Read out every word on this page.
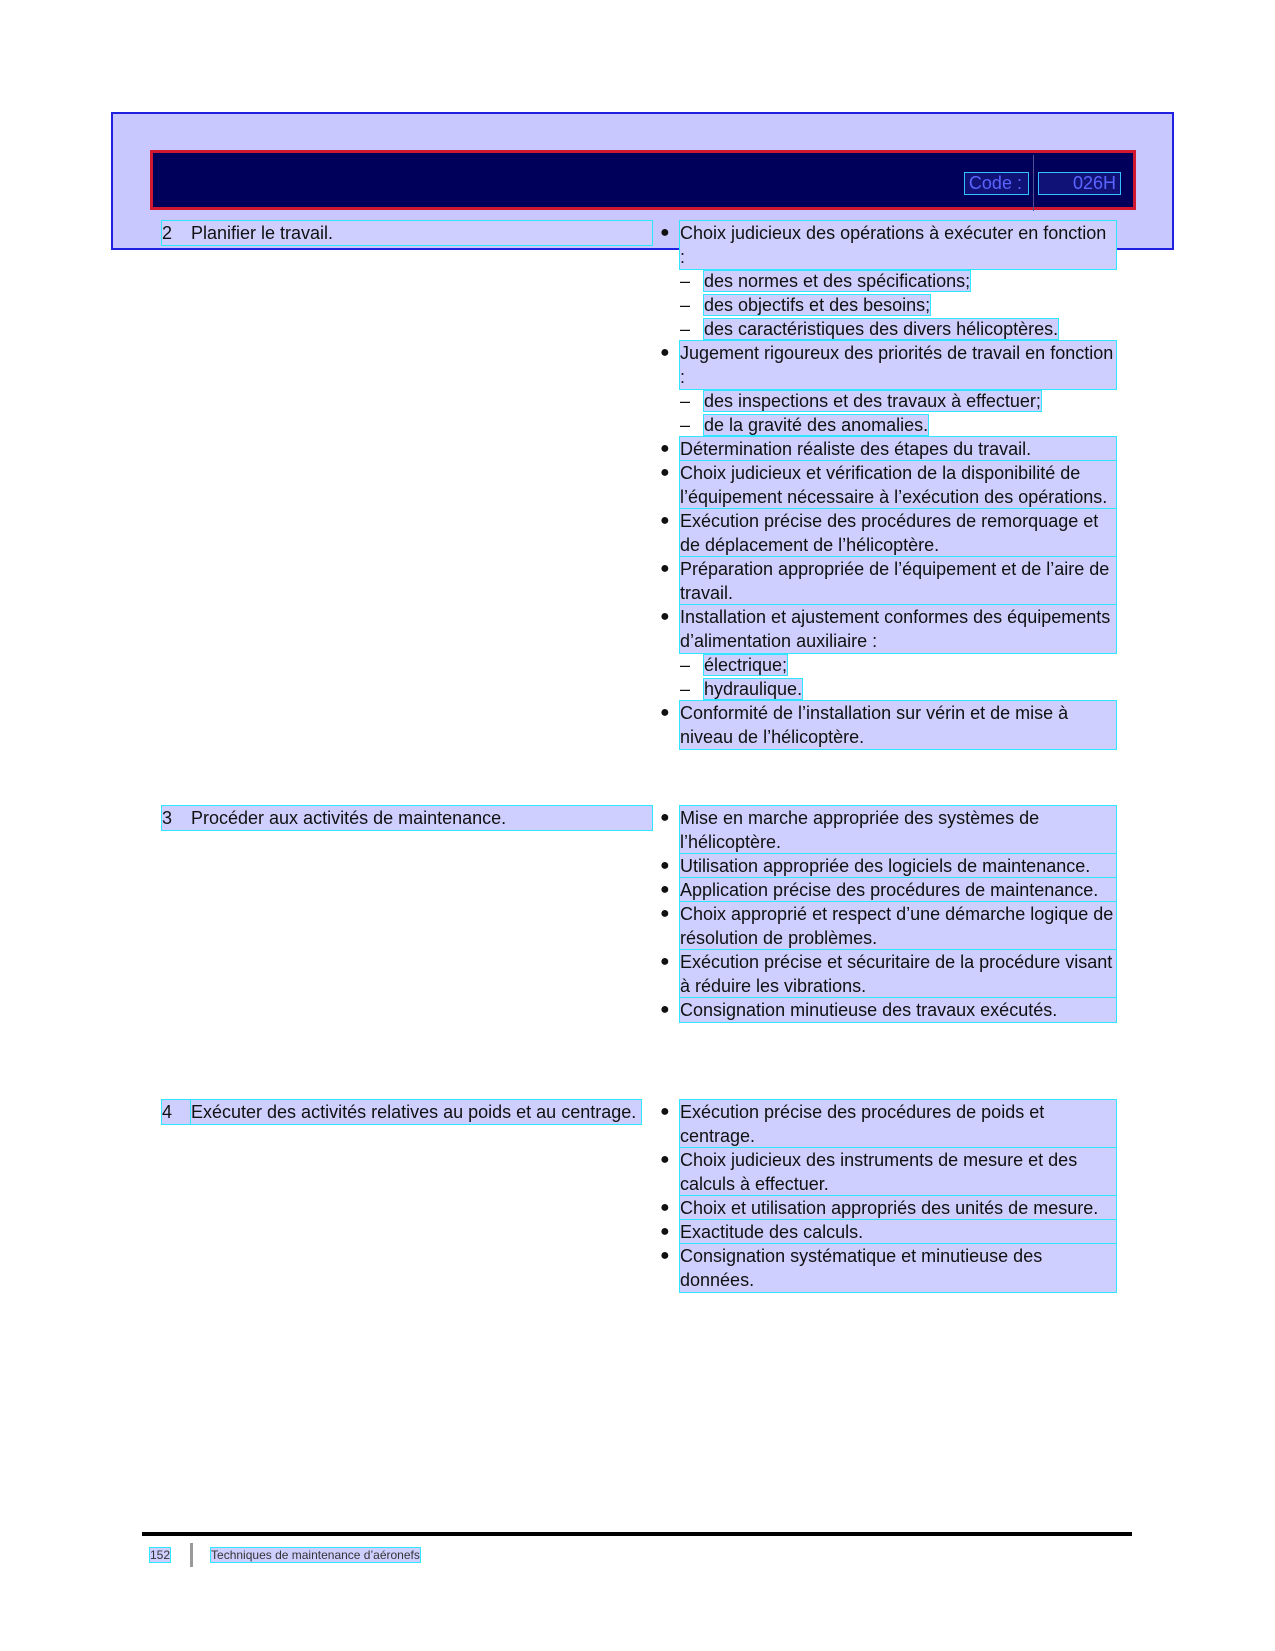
Code :	026H
2	Planifier le travail.	● Choix judicieux des opérations à exécuter en fonction :
– des normes et des spécifications;
– des objectifs et des besoins;
– des caractéristiques des divers hélicoptères.
● Jugement rigoureux des priorités de travail en fonction :
– des inspections et des travaux à effectuer;
– de la gravité des anomalies.
● Détermination réaliste des étapes du travail.
● Choix judicieux et vérification de la disponibilité de l’équipement nécessaire à l’exécution des opérations.
● Exécution précise des procédures de remorquage et de déplacement de l’hélicoptère.
● Préparation appropriée de l’équipement et de l’aire de travail.
● Installation et ajustement conformes des équipements d’alimentation auxiliaire :
– électrique;
– hydraulique.
● Conformité de l’installation sur vérin et de mise à niveau de l’hélicoptère.
3	Procéder aux activités de maintenance.	● Mise en marche appropriée des systèmes de l’hélicoptère.
● Utilisation appropriée des logiciels de maintenance.
● Application précise des procédures de maintenance.
● Choix approprié et respect d’une démarche logique de résolution de problèmes.
● Exécution précise et sécuritaire de la procédure visant à réduire les vibrations.
● Consignation minutieuse des travaux exécutés.
4	Exécuter des activités relatives au poids et au centrage. ● Exécution précise des procédures de poids et centrage.
● Choix judicieux des instruments de mesure et des calculs à effectuer.
● Choix et utilisation appropriés des unités de mesure.
● Exactitude des calculs.
● Consignation systématique et minutieuse des données.
152	Techniques de maintenance d’aéronefs
